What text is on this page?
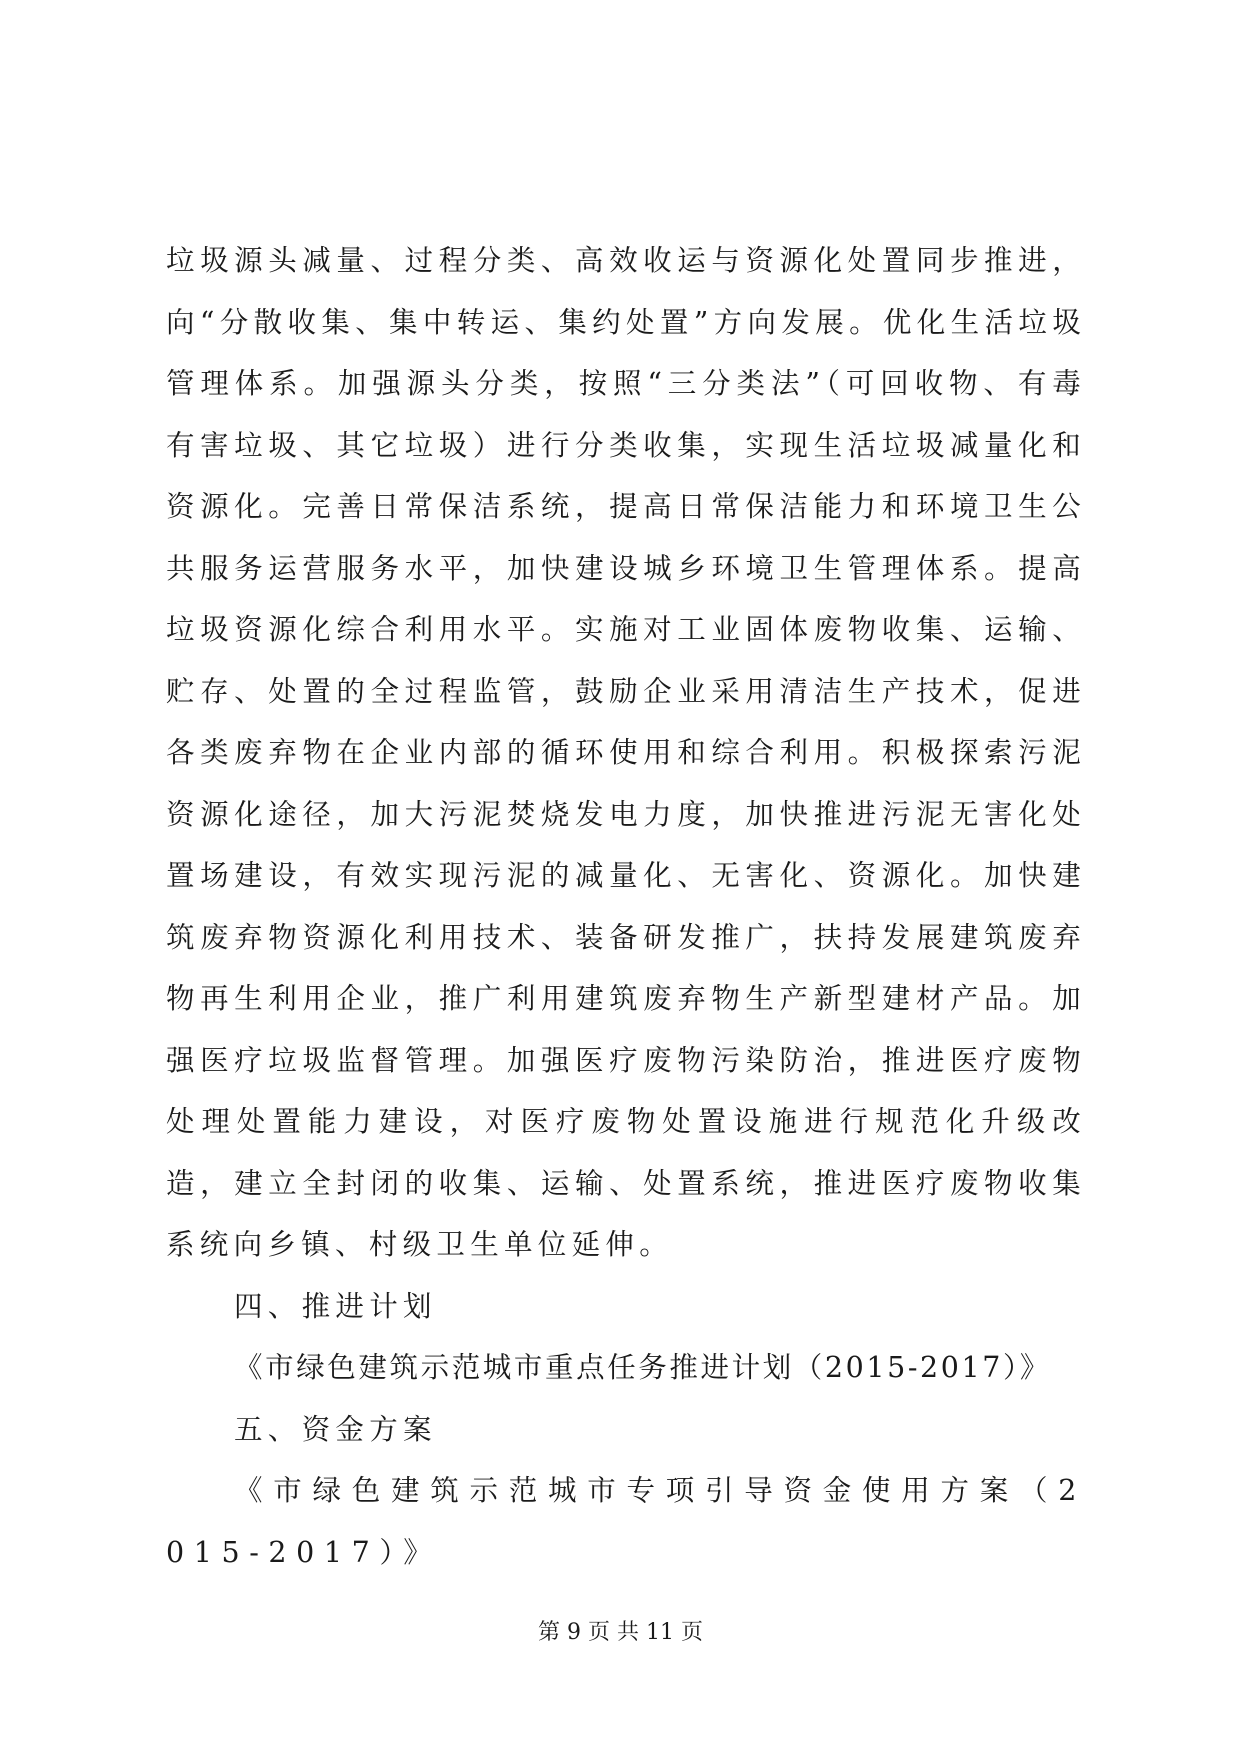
垃圾源头减量、过程分类、高效收运与资源化处置同步推进，向“分散收集、集中转运、集约处置”方向发展。优化生活垃圾管理体系。加强源头分类，按照“三分类法”（可回收物、有毒有害垃圾、其它垃圾）进行分类收集，实现生活垃圾减量化和资源化。完善日常保洁系统，提高日常保洁能力和环境卫生公共服务运营服务水平，加快建设城乡环境卫生管理体系。提高垃圾资源化综合利用水平。实施对工业固体废物收集、运输、贮存、处置的全过程监管，鼓励企业采用清洁生产技术，促进各类废弃物在企业内部的循环使用和综合利用。积极探索污泥资源化途径，加大污泥焚烧发电力度，加快推进污泥无害化处置场建设，有效实现污泥的减量化、无害化、资源化。加快建筑废弃物资源化利用技术、装备研发推广，扶持发展建筑废弃物再生利用企业，推广利用建筑废弃物生产新型建材产品。加强医疗垃圾监督管理。加强医疗废物污染防治，推进医疗废物处理处置能力建设，对医疗废物处置设施进行规范化升级改造，建立全封闭的收集、运输、处置系统，推进医疗废物收集系统向乡镇、村级卫生单位延伸。

四、推进计划

《市绿色建筑示范城市重点任务推进计划（2015-2017）》

五、资金方案

《市绿色建筑示范城市专项引导资金使用方案（2015-2017）》

第 9 页 共 11 页
